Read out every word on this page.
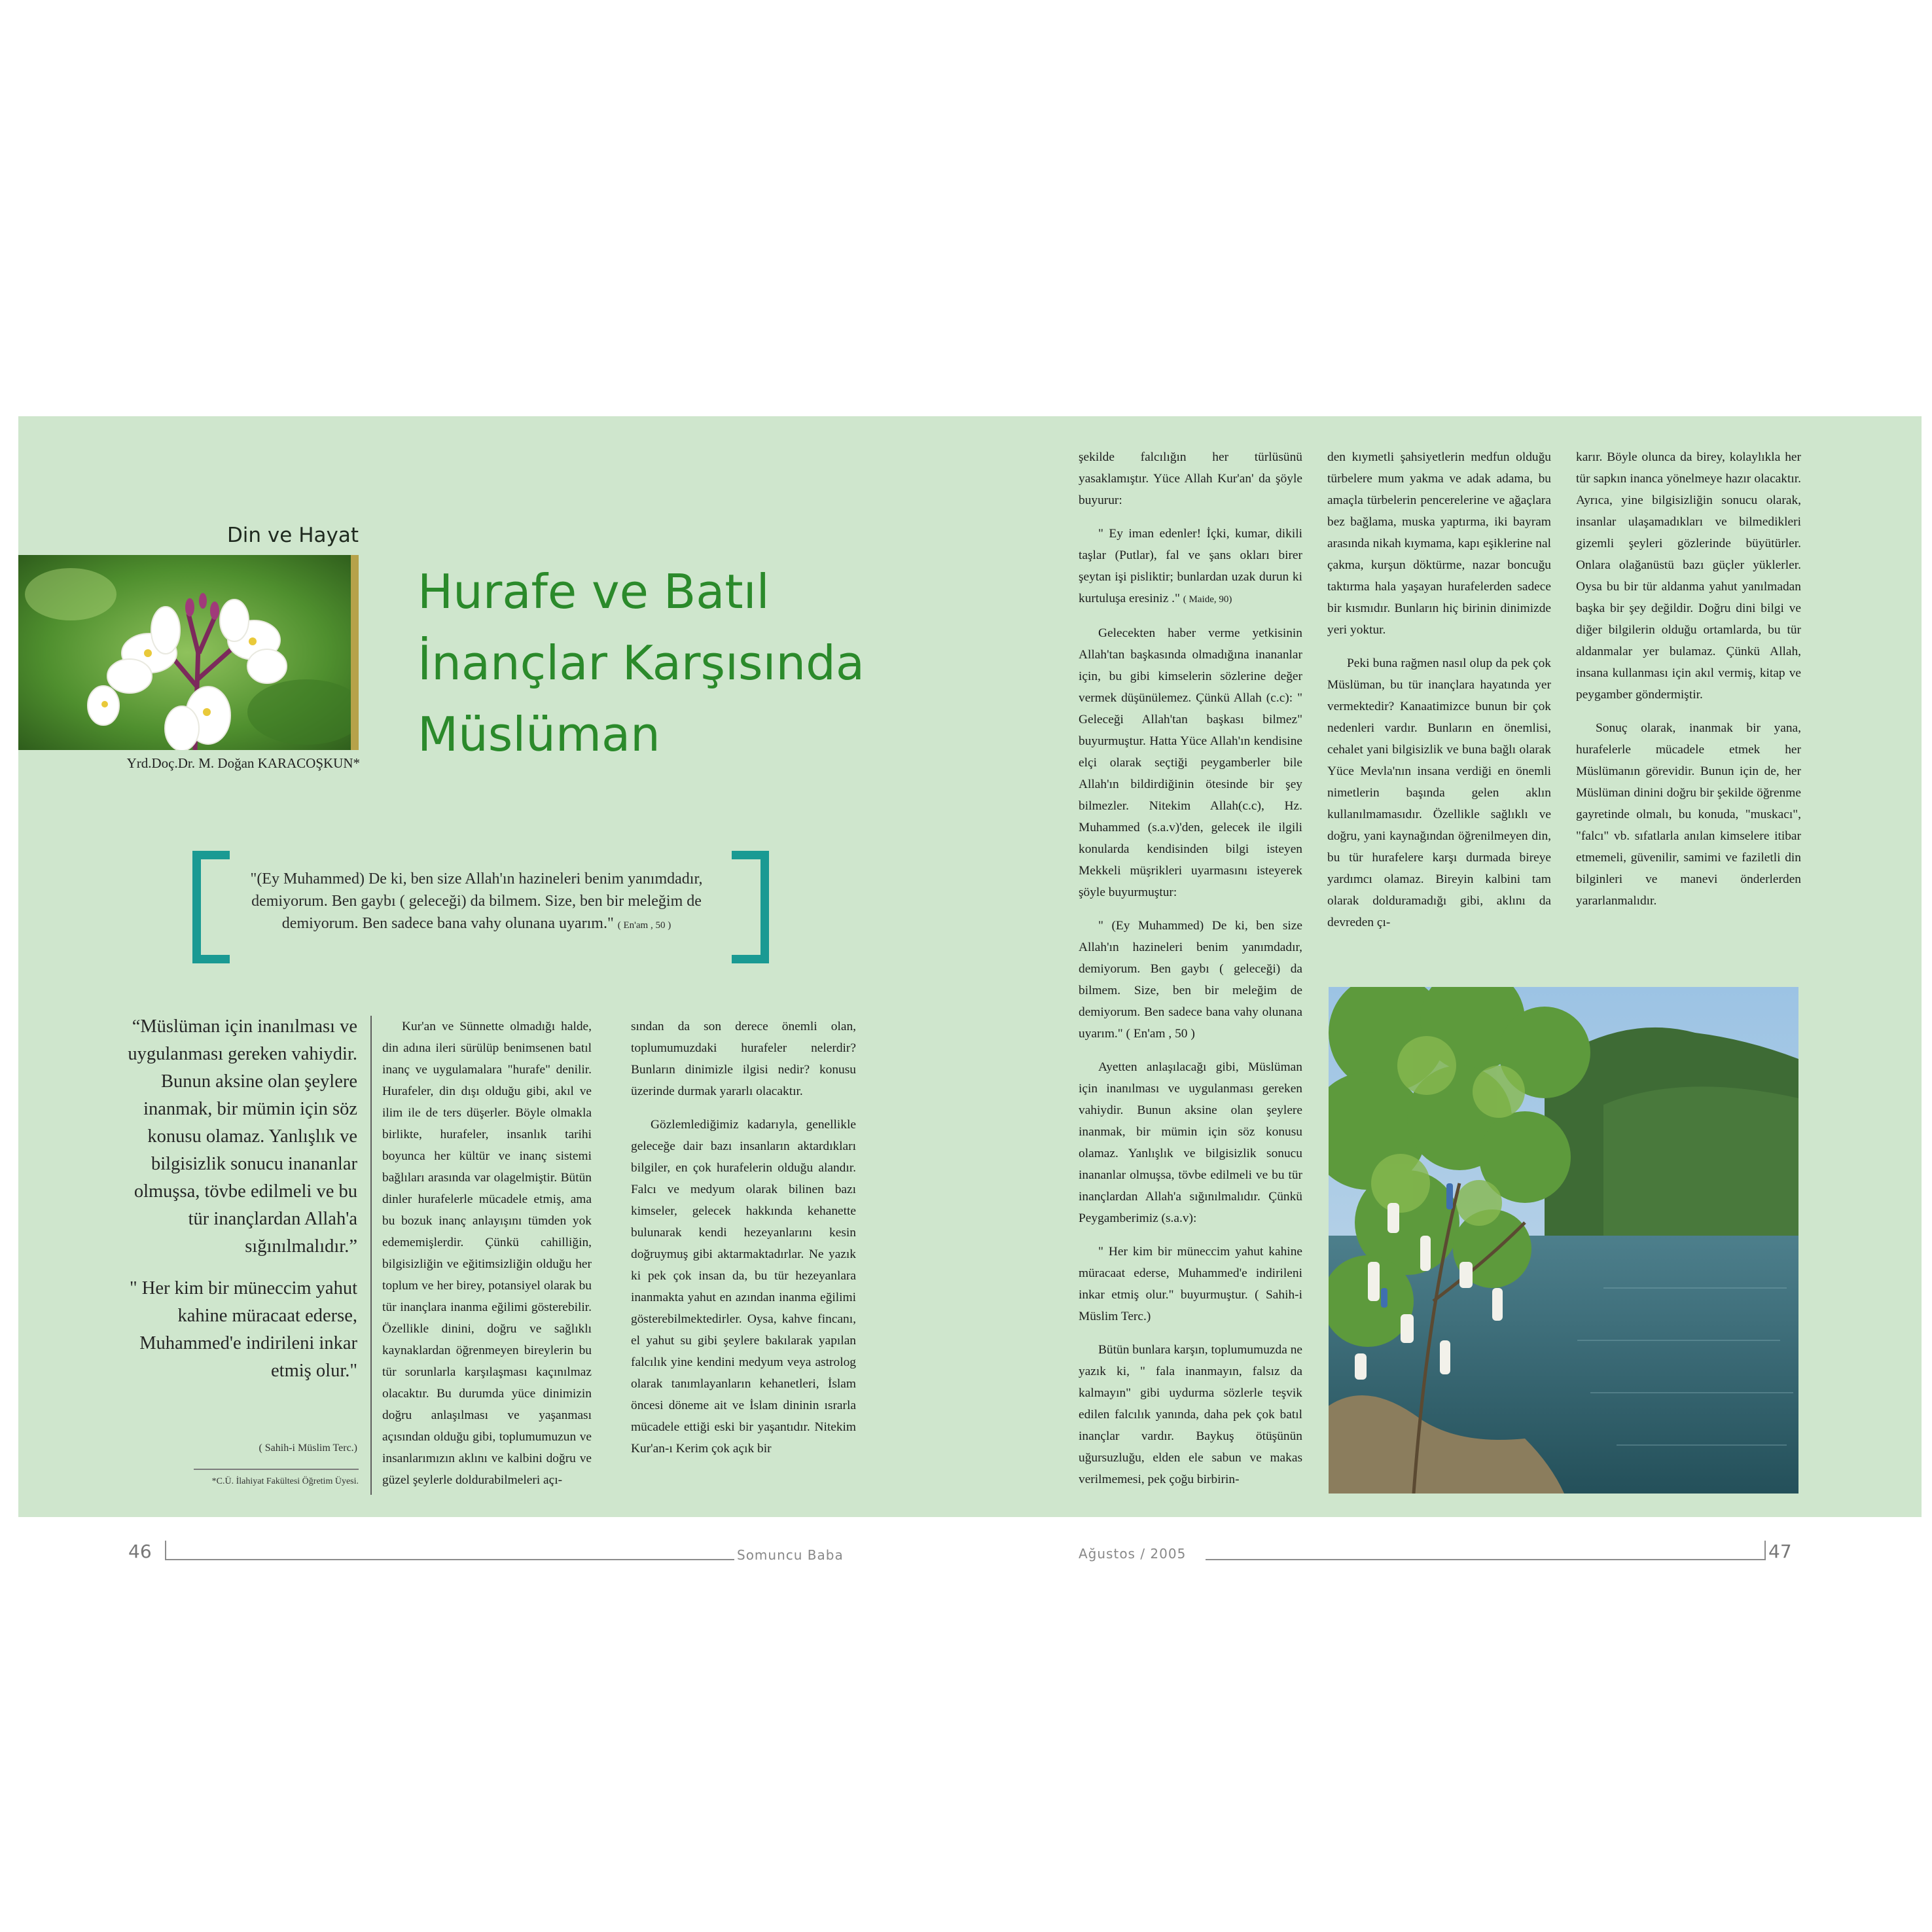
Din ve Hayat
Yrd.Doç.Dr. M. Doğan KARACOŞKUN*
Hurafe ve Batıl
İnançlar Karşısında
Müslüman
"(Ey Muhammed) De ki, ben size Allah'ın hazineleri benim yanımdadır, demiyorum. Ben gaybı ( geleceği) da bilmem. Size, ben bir meleğim de demiyorum. Ben sadece bana vahy olunana uyarım." ( En'am , 50 )

“Müslüman için inanılması ve uygulanması gereken vahiydir. Bunun aksine olan şeylere inanmak, bir mümin için söz konusu olamaz. Yanlışlık ve bilgisizlik sonucu inananlar olmuşsa, tövbe edilmeli ve bu tür inançlardan Allah'a sığınılmalıdır.”

" Her kim bir müneccim yahut kahine müracaat ederse, Muhammed'e indirileni inkar etmiş olur."

( Sahih-i Müslim Terc.)
*C.Ü. İlahiyat Fakültesi Öğretim Üyesi.

Kur'an ve Sünnette olmadığı halde, din adına ileri sürülüp benimsenen batıl inanç ve uygulamalara "hurafe" denilir. Hurafeler, din dışı olduğu gibi, akıl ve ilim ile de ters düşerler. Böyle olmakla birlikte, hurafeler, insanlık tarihi boyunca her kültür ve inanç sistemi bağlıları arasında var olagelmiştir. Bütün dinler hurafelerle mücadele etmiş, ama bu bozuk inanç anlayışını tümden yok edememişlerdir. Çünkü cahilliğin, bilgisizliğin ve eğitimsizliğin olduğu her toplum ve her birey, potansiyel olarak bu tür inançlara inanma eğilimi gösterebilir. Özellikle dinini, doğru ve sağlıklı kaynaklardan öğrenmeyen bireylerin bu tür sorunlarla karşılaşması kaçınılmaz olacaktır. Bu durumda yüce dinimizin doğru anlaşılması ve yaşanması açısından olduğu gibi, toplumumuzun ve insanlarımızın aklını ve kalbini doğru ve güzel şeylerle doldurabilmeleri açı-

sından da son derece önemli olan, toplumumuzdaki hurafeler nelerdir? Bunların dinimizle ilgisi nedir? konusu üzerinde durmak yararlı olacaktır.

Gözlemlediğimiz kadarıyla, genellikle geleceğe dair bazı insanların aktardıkları bilgiler, en çok hurafelerin olduğu alandır. Falcı ve medyum olarak bilinen bazı kimseler, gelecek hakkında kehanette bulunarak kendi hezeyanlarını kesin doğruymuş gibi aktarmaktadırlar. Ne yazık ki pek çok insan da, bu tür hezeyanlara inanmakta yahut en azından inanma eğilimi gösterebilmektedirler. Oysa, kahve fincanı, el yahut su gibi şeylere bakılarak yapılan falcılık yine kendini medyum veya astrolog olarak tanımlayanların kehanetleri, İslam öncesi döneme ait ve İslam dininin ısrarla mücadele ettiği eski bir yaşantıdır. Nitekim Kur'an-ı Kerim çok açık bir

şekilde falcılığın her türlüsünü yasaklamıştır. Yüce Allah Kur'an' da şöyle buyurur:

" Ey iman edenler! İçki, kumar, dikili taşlar (Putlar), fal ve şans okları birer şeytan işi pisliktir; bunlardan uzak durun ki kurtuluşa eresiniz ." ( Maide, 90)

Gelecekten haber verme yetkisinin Allah'tan başkasında olmadığına inananlar için, bu gibi kimselerin sözlerine değer vermek düşünülemez. Çünkü Allah (c.c): " Geleceği Allah'tan başkası bilmez" buyurmuştur. Hatta Yüce Allah'ın kendisine elçi olarak seçtiği peygamberler bile Allah'ın bildirdiğinin ötesinde bir şey bilmezler. Nitekim Allah(c.c), Hz. Muhammed (s.a.v)'den, gelecek ile ilgili konularda kendisinden bilgi isteyen Mekkeli müşrikleri uyarmasını isteyerek şöyle buyurmuştur:

" (Ey Muhammed) De ki, ben size Allah'ın hazineleri benim yanımdadır, demiyorum. Ben gaybı ( geleceği) da bilmem. Size, ben bir meleğim de demiyorum. Ben sadece bana vahy olunana uyarım." ( En'am , 50 )

Ayetten anlaşılacağı gibi, Müslüman için inanılması ve uygulanması gereken vahiydir. Bunun aksine olan şeylere inanmak, bir mümin için söz konusu olamaz. Yanlışlık ve bilgisizlik sonucu inananlar olmuşsa, tövbe edilmeli ve bu tür inançlardan Allah'a sığınılmalıdır. Çünkü Peygamberimiz (s.a.v):

" Her kim bir müneccim yahut kahine müracaat ederse, Muhammed'e indirileni inkar etmiş olur." buyurmuştur. ( Sahih-i Müslim Terc.)

Bütün bunlara karşın, toplumumuzda ne yazık ki, " fala inanmayın, falsız da kalmayın" gibi uydurma sözlerle teşvik edilen falcılık yanında, daha pek çok batıl inançlar vardır. Baykuş ötüşünün uğursuzluğu, elden ele sabun ve makas verilmemesi, pek çoğu birbirin-

den kıymetli şahsiyetlerin medfun olduğu türbelere mum yakma ve adak adama, bu amaçla türbelerin pencerelerine ve ağaçlara bez bağlama, muska yaptırma, iki bayram arasında nikah kıymama, kapı eşiklerine nal çakma, kurşun döktürme, nazar boncuğu taktırma hala yaşayan hurafelerden sadece bir kısmıdır. Bunların hiç birinin dinimizde yeri yoktur.

Peki buna rağmen nasıl olup da pek çok Müslüman, bu tür inançlara hayatında yer vermektedir? Kanaatimizce bunun bir çok nedenleri vardır. Bunların en önemlisi, cehalet yani bilgisizlik ve buna bağlı olarak Yüce Mevla'nın insana verdiği en önemli nimetlerin başında gelen aklın kullanılmamasıdır. Özellikle sağlıklı ve doğru, yani kaynağından öğrenilmeyen din, bu tür hurafelere karşı durmada bireye yardımcı olamaz. Bireyin kalbini tam olarak dolduramadığı gibi, aklını da devreden çı-

karır. Böyle olunca da birey, kolaylıkla her tür sapkın inanca yönelmeye hazır olacaktır. Ayrıca, yine bilgisizliğin sonucu olarak, insanlar ulaşamadıkları ve bilmedikleri gizemli şeyleri gözlerinde büyütürler. Onlara olağanüstü bazı güçler yüklerler. Oysa bu bir tür aldanma yahut yanılmadan başka bir şey değildir. Doğru dini bilgi ve diğer bilgilerin olduğu ortamlarda, bu tür aldanmalar yer bulamaz. Çünkü Allah, insana kullanması için akıl vermiş, kitap ve peygamber göndermiştir.

Sonuç olarak, inanmak bir yana, hurafelerle mücadele etmek her Müslümanın görevidir. Bunun için de, her Müslüman dinini doğru bir şekilde öğrenme gayretinde olmalı, bu konuda, "muskacı", "falcı" vb. sıfatlarla anılan kimselere itibar etmemeli, güvenilir, samimi ve faziletli din bilginleri ve manevi önderlerden yararlanmalıdır.

46	Somuncu Baba	Ağustos / 2005	47
